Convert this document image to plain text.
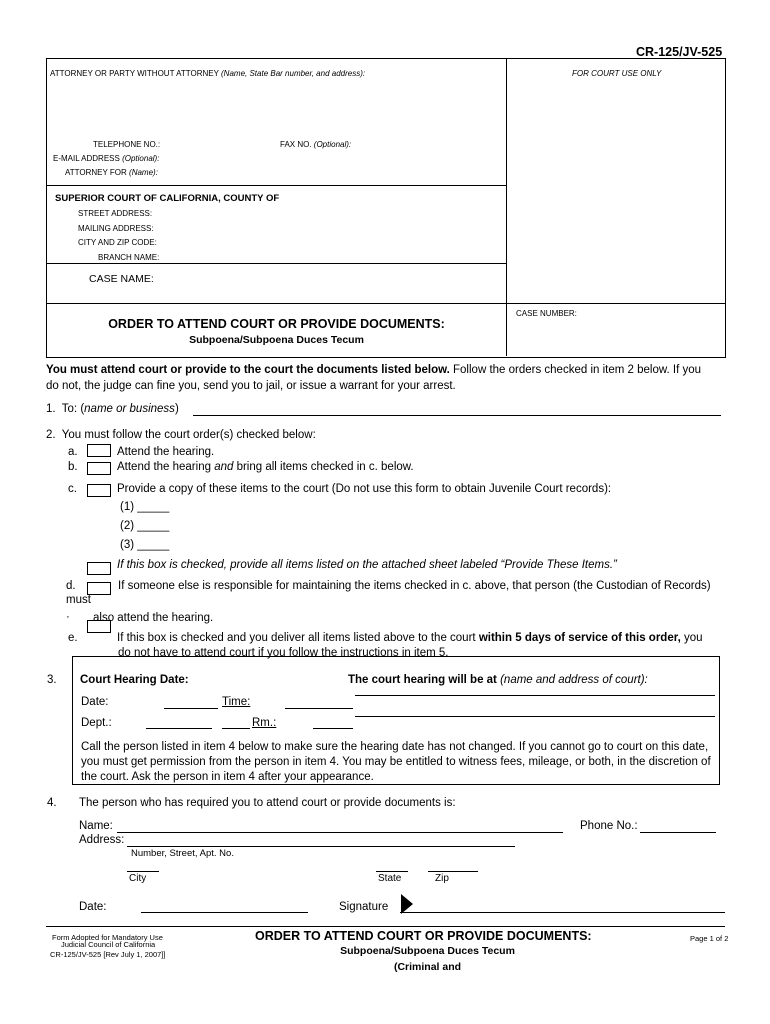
CR-125/JV-525
ATTORNEY OR PARTY WITHOUT ATTORNEY (Name, State Bar number, and address):	FOR COURT USE ONLY
TELEPHONE NO.:	FAX NO. (Optional):
E-MAIL ADDRESS (Optional):
ATTORNEY FOR (Name):
SUPERIOR COURT OF CALIFORNIA, COUNTY OF
STREET ADDRESS:
MAILING ADDRESS:
CITY AND ZIP CODE:
BRANCH NAME:
CASE NAME:
CASE NUMBER:
ORDER TO ATTEND COURT OR PROVIDE DOCUMENTS:
Subpoena/Subpoena Duces Tecum
You must attend court or provide to the court the documents listed below. Follow the orders checked in item 2 below. If you
do not, the judge can fine you, send you to jail, or issue a warrant for your arrest.
1. To: (name or business)
2. You must follow the court order(s) checked below:
a.	Attend the hearing.
b.	Attend the hearing and bring all items checked in c. below.
c.	Provide a copy of these items to the court (Do not use this form to obtain Juvenile Court records):
(1) _____
(2) _____
(3) _____
If this box is checked, provide all items listed on the attached sheet labeled “Provide These Items.”
d.	If someone else is responsible for maintaining the items checked in c. above, that person (the Custodian of Records)
must
· also attend the hearing.
e.	If this box is checked and you deliver all items listed above to the court within 5 days of service of this order, you
do not have to attend court if you follow the instructions in item 5.
3. Court Hearing Date:	The court hearing will be at (name and address of court):
Date:	Time:
Dept.:	Rm.:
Call the person listed in item 4 below to make sure the hearing date has not changed. If you cannot go to court on this date,
you must get permission from the person in item 4. You may be entitled to witness fees, mileage, or both, in the discretion of
the court. Ask the person in item 4 after your appearance.
4. The person who has required you to attend court or provide documents is:
Name:	Phone No.:
Address:
Number, Street, Apt. No.
City	State	Zip
Date:	Signature
Form Adopted for Mandatory Use
Judicial Council of California
CR-125/JV-525 [Rev July 1, 2007]]
ORDER TO ATTEND COURT OR PROVIDE DOCUMENTS:
Subpoena/Subpoena Duces Tecum
(Criminal and
Page 1 of 2
